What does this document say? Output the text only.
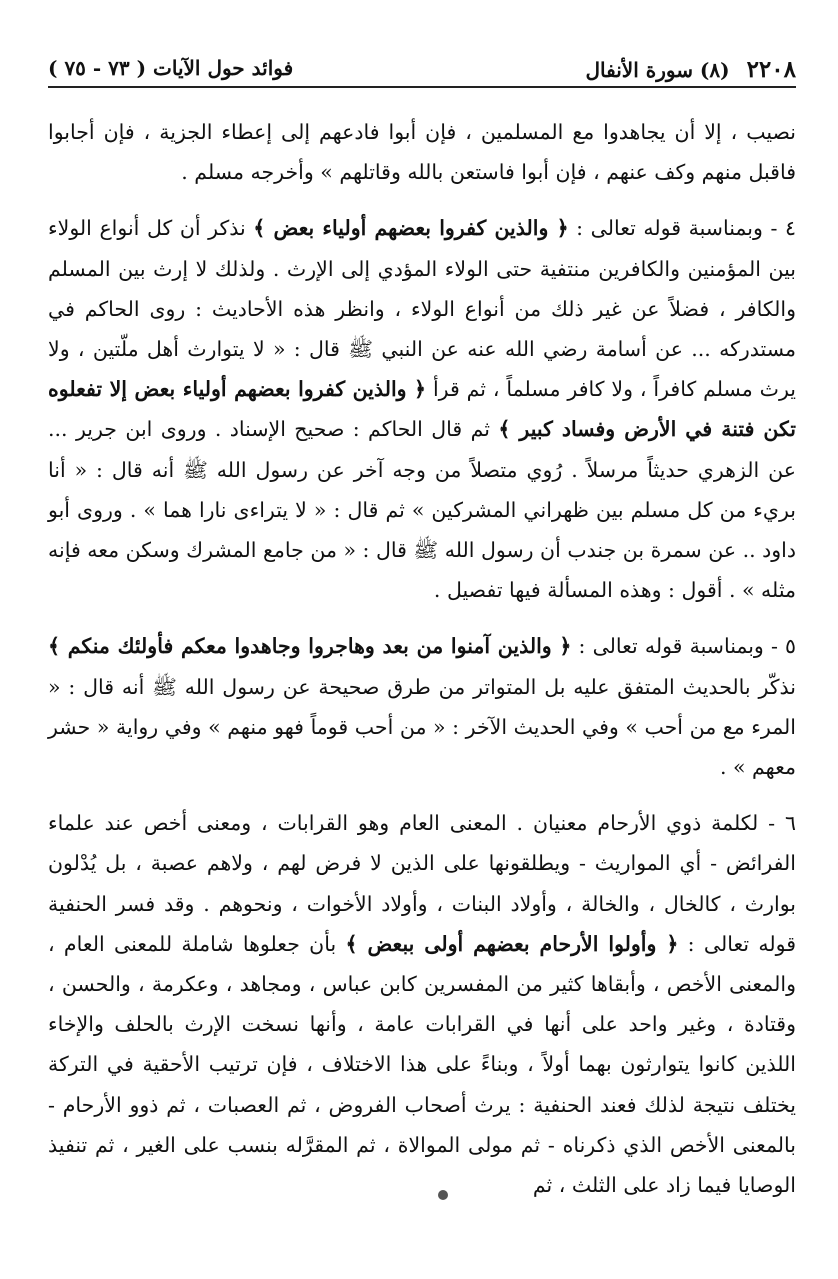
٢٢٠٨ (٨) سورة الأنفال
فوائد حول الآيات ( ٧٣ - ٧٥ )

نصيب ، إلا أن يجاهدوا مع المسلمين ، فإن أبوا فادعهم إلى إعطاء الجزية ، فإن أجابوا فاقبل منهم وكف عنهم ، فإن أبوا فاستعن بالله وقاتلهم » وأخرجه مسلم .

٤ - وبمناسبة قوله تعالى : ﴿ والذين كفروا بعضهم أولياء بعض ﴾ نذكر أن كل أنواع الولاء بين المؤمنين والكافرين منتفية حتى الولاء المؤدي إلى الإرث . ولذلك لا إرث بين المسلم والكافر ، فضلاً عن غير ذلك من أنواع الولاء ، وانظر هذه الأحاديث : روى الحاكم في مستدركه ... عن أسامة رضي الله عنه عن النبي ﷺ قال : « لا يتوارث أهل ملّتين ، ولا يرث مسلم كافراً ، ولا كافر مسلماً ، ثم قرأ ﴿ والذين كفروا بعضهم أولياء بعض إلا تفعلوه تكن فتنة في الأرض وفساد كبير ﴾ ثم قال الحاكم : صحيح الإسناد . وروى ابن جرير ... عن الزهري حديثاً مرسلاً . رُوي متصلاً من وجه آخر عن رسول الله ﷺ أنه قال : « أنا بريء من كل مسلم بين ظهراني المشركين » ثم قال : « لا يتراءى نارا هما » . وروى أبو داود .. عن سمرة بن جندب أن رسول الله ﷺ قال : « من جامع المشرك وسكن معه فإنه مثله » . أقول : وهذه المسألة فيها تفصيل .

٥ - وبمناسبة قوله تعالى : ﴿ والذين آمنوا من بعد وهاجروا وجاهدوا معكم فأولئك منكم ﴾ نذكّر بالحديث المتفق عليه بل المتواتر من طرق صحيحة عن رسول الله ﷺ أنه قال : « المرء مع من أحب » وفي الحديث الآخر : « من أحب قوماً فهو منهم » وفي رواية « حشر معهم » .

٦ - لكلمة ذوي الأرحام معنيان . المعنى العام وهو القرابات ، ومعنى أخص عند علماء الفرائض - أي المواريث - ويطلقونها على الذين لا فرض لهم ، ولاهم عصبة ، بل يُدْلون بوارث ، كالخال ، والخالة ، وأولاد البنات ، وأولاد الأخوات ، ونحوهم . وقد فسر الحنفية قوله تعالى : ﴿ وأولوا الأرحام بعضهم أولى ببعض ﴾ بأن جعلوها شاملة للمعنى العام ، والمعنى الأخص ، وأبقاها كثير من المفسرين كابن عباس ، ومجاهد ، وعكرمة ، والحسن ، وقتادة ، وغير واحد على أنها في القرابات عامة ، وأنها نسخت الإرث بالحلف والإخاء اللذين كانوا يتوارثون بهما أولاً ، وبناءً على هذا الاختلاف ، فإن ترتيب الأحقية في التركة يختلف نتيجة لذلك فعند الحنفية : يرث أصحاب الفروض ، ثم العصبات ، ثم ذوو الأرحام - بالمعنى الأخص الذي ذكرناه - ثم مولى الموالاة ، ثم المقرَّله بنسب على الغير ، ثم تنفيذ الوصايا فيما زاد على الثلث ، ثم
